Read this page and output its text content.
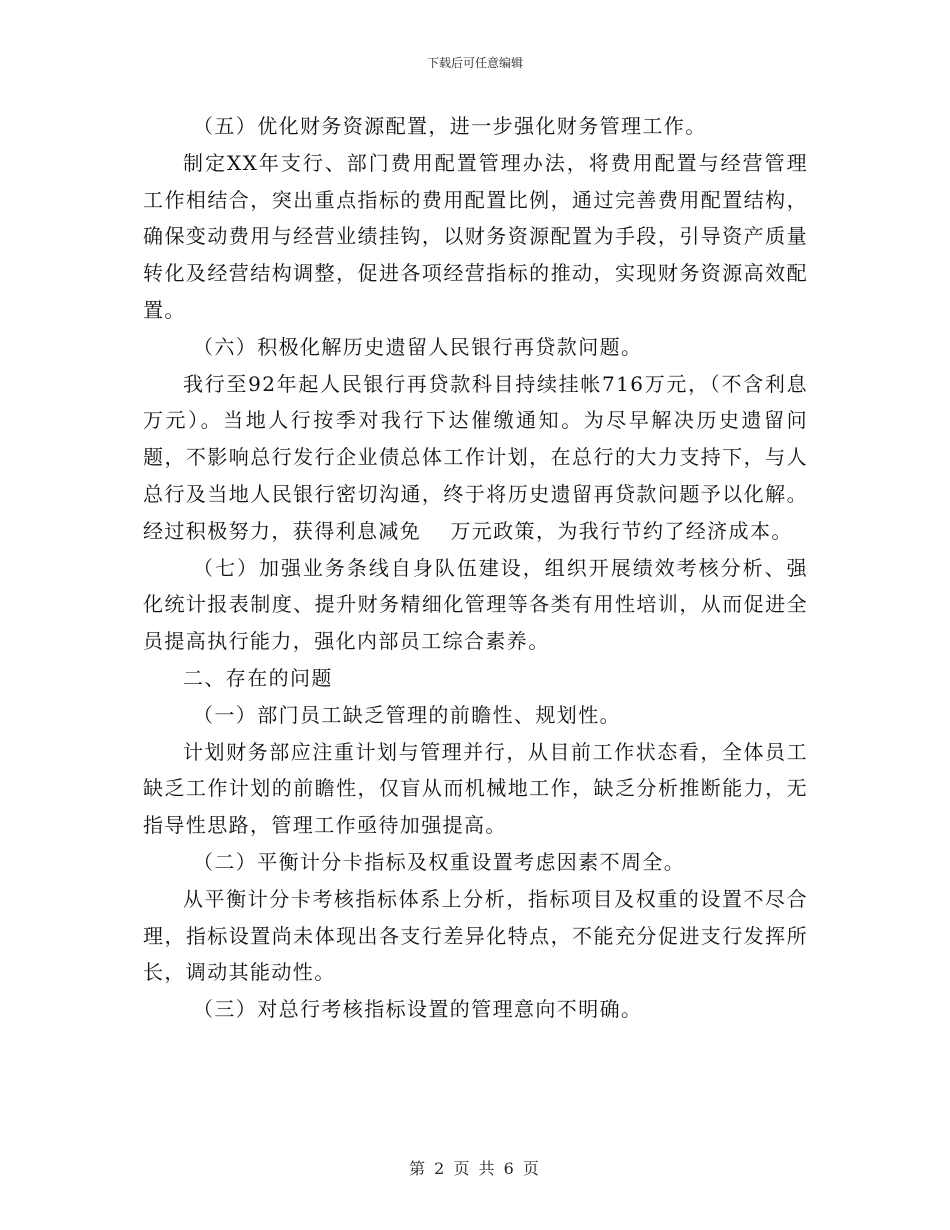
下载后可任意编辑

（五）优化财务资源配置，进一步强化财务管理工作。

制定XX年支行、部门费用配置管理办法，将费用配置与经营管理工作相结合，突出重点指标的费用配置比例，通过完善费用配置结构，确保变动费用与经营业绩挂钩，以财务资源配置为手段，引导资产质量转化及经营结构调整，促进各项经营指标的推动，实现财务资源高效配置。

（六）积极化解历史遗留人民银行再贷款问题。

我行至92年起人民银行再贷款科目持续挂帐716万元，（不含利息　 万元）。当地人行按季对我行下达催缴通知。为尽早解决历史遗留问题，不影响总行发行企业债总体工作计划，在总行的大力支持下，与人总行及当地人民银行密切沟通，终于将历史遗留再贷款问题予以化解。经过积极努力，获得利息减免　 万元政策，为我行节约了经济成本。

（七）加强业务条线自身队伍建设，组织开展绩效考核分析、强化统计报表制度、提升财务精细化管理等各类有用性培训，从而促进全员提高执行能力，强化内部员工综合素养。

二、存在的问题

（一）部门员工缺乏管理的前瞻性、规划性。

计划财务部应注重计划与管理并行，从目前工作状态看，全体员工缺乏工作计划的前瞻性，仅盲从而机械地工作，缺乏分析推断能力，无指导性思路，管理工作亟待加强提高。

（二）平衡计分卡指标及权重设置考虑因素不周全。

从平衡计分卡考核指标体系上分析，指标项目及权重的设置不尽合理，指标设置尚未体现出各支行差异化特点，不能充分促进支行发挥所长，调动其能动性。

（三）对总行考核指标设置的管理意向不明确。

第 2 页 共 6 页
